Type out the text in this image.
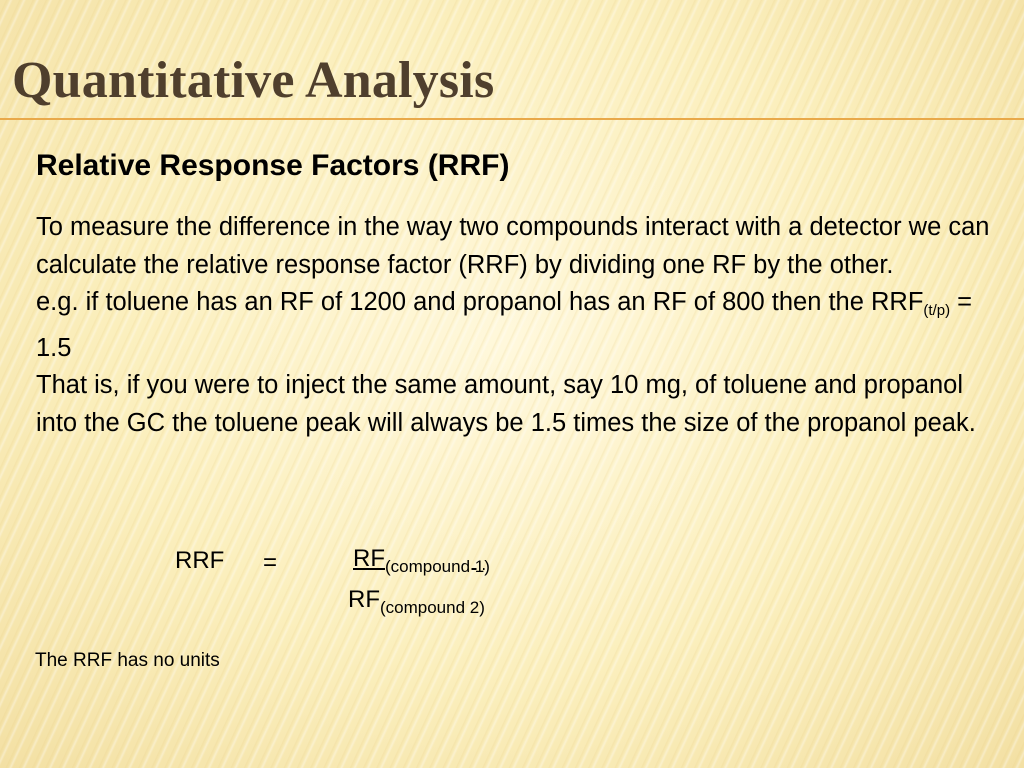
Quantitative Analysis
Relative Response Factors (RRF)

To measure the difference in the way two compounds interact with a detector we can calculate the relative response factor (RRF) by dividing one RF by the other.

e.g. if toluene has an RF of 1200 and propanol has an RF of 800 then the $RRF_{(t/p)} = 1.5$

That is, if you were to inject the same amount, say 10 mg, of toluene and propanol into the GC the toluene peak will always be 1.5 times the size of the propanol peak.

RRF =	$RF_{(compound 1)}$
$RF_{(compound 2)}$
The RRF has no units
